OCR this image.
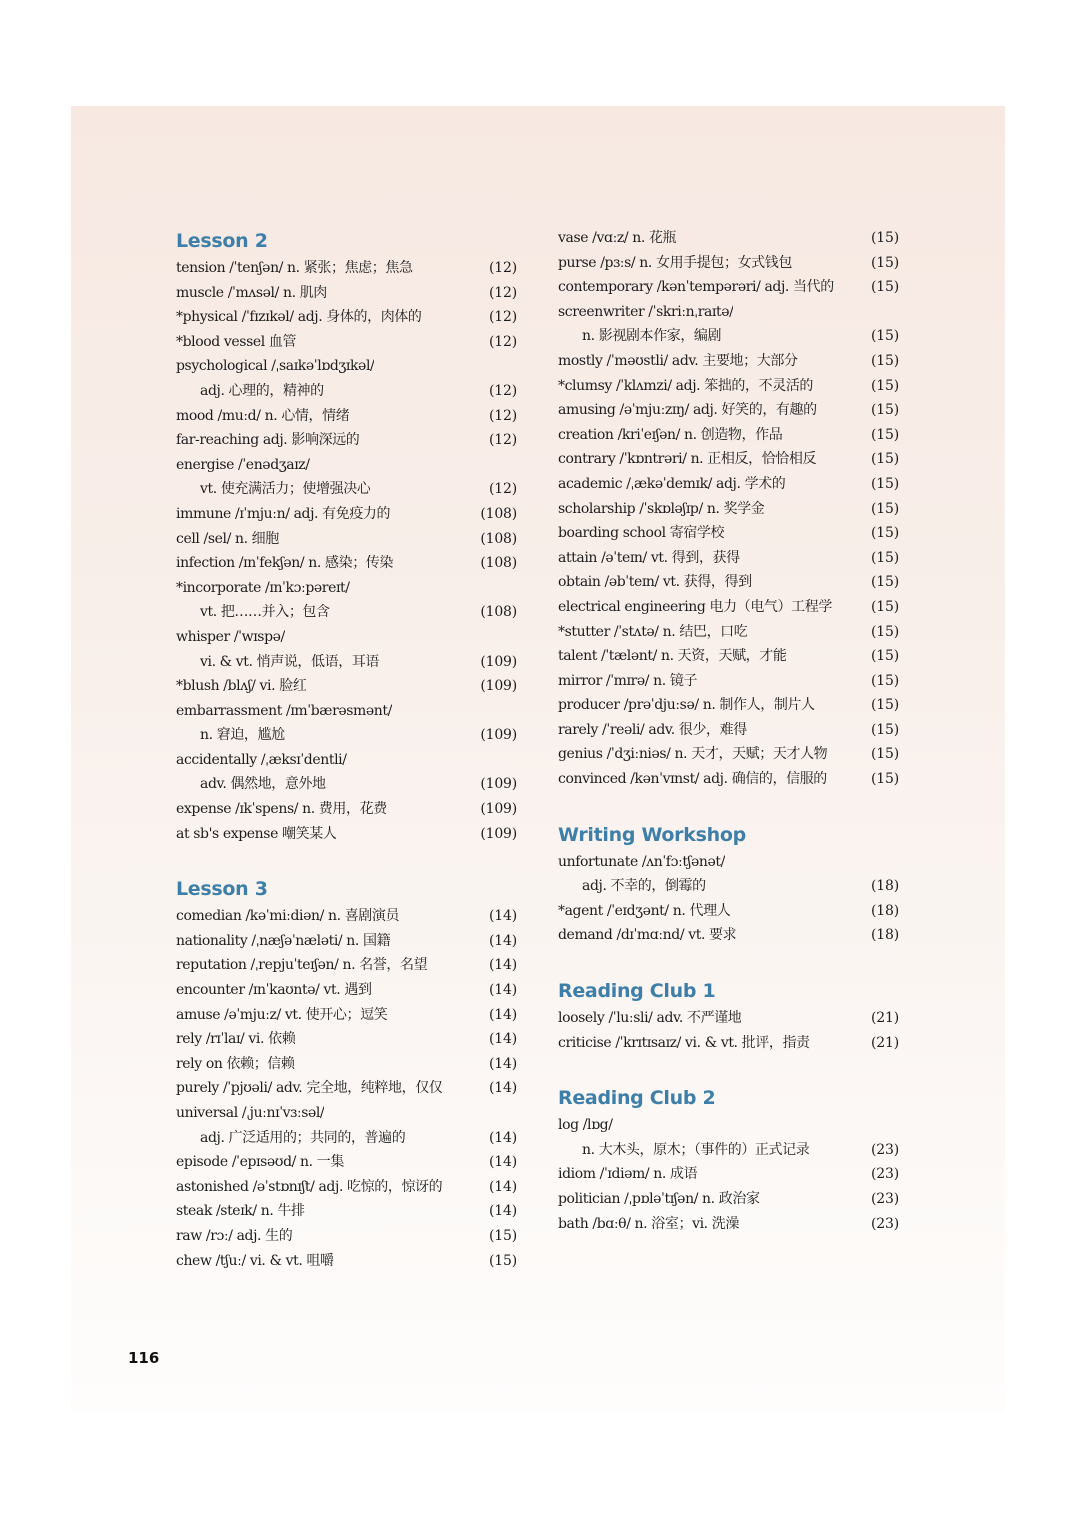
Lesson 2
tension /ˈtenʃən/ n. 紧张；焦虑；焦急	(12)
muscle /ˈmʌsəl/ n. 肌肉	(12)
*physical /ˈfɪzɪkəl/ adj. 身体的，肉体的	(12)
*blood vessel 血管	(12)
psychological /ˌsaɪkəˈlɒdʒɪkəl/
adj. 心理的，精神的	(12)
mood /muːd/ n. 心情，情绪	(12)
far-reaching adj. 影响深远的	(12)
energise /ˈenədʒaɪz/
vt. 使充满活力；使增强决心	(12)
immune /ɪˈmjuːn/ adj. 有免疫力的	(108)
cell /sel/ n. 细胞	(108)
infection /ɪnˈfekʃən/ n. 感染；传染	(108)
*incorporate /ɪnˈkɔːpəreɪt/
vt. 把……并入；包含	(108)
whisper /ˈwɪspə/
vi. & vt. 悄声说，低语，耳语	(109)
*blush /blʌʃ/ vi. 脸红	(109)
embarrassment /ɪmˈbærəsmənt/
n. 窘迫，尴尬	(109)
accidentally /ˌæksɪˈdentli/
adv. 偶然地，意外地	(109)
expense /ɪkˈspens/ n. 费用，花费	(109)
at sb's expense 嘲笑某人	(109)
Lesson 3
comedian /kəˈmiːdiən/ n. 喜剧演员	(14)
nationality /ˌnæʃəˈnæləti/ n. 国籍	(14)
reputation /ˌrepjuˈteɪʃən/ n. 名誉，名望	(14)
encounter /ɪnˈkaʊntə/ vt. 遇到	(14)
amuse /əˈmjuːz/ vt. 使开心；逗笑	(14)
rely /rɪˈlaɪ/ vi. 依赖	(14)
rely on 依赖；信赖	(14)
purely /ˈpjʊəli/ adv. 完全地，纯粹地，仅仅	(14)
universal /ˌjuːnɪˈvɜːsəl/
adj. 广泛适用的；共同的，普遍的	(14)
episode /ˈepɪsəʊd/ n. 一集	(14)
astonished /əˈstɒnɪʃt/ adj. 吃惊的，惊讶的	(14)
steak /steɪk/ n. 牛排	(14)
raw /rɔː/ adj. 生的	(15)
chew /tʃuː/ vi. & vt. 咀嚼	(15)
vase /vɑːz/ n. 花瓶	(15)
purse /pɜːs/ n. 女用手提包；女式钱包	(15)
contemporary /kənˈtempərəri/ adj. 当代的	(15)
screenwriter /ˈskriːnˌraɪtə/
n. 影视剧本作家，编剧	(15)
mostly /ˈməʊstli/ adv. 主要地；大部分	(15)
*clumsy /ˈklʌmzi/ adj. 笨拙的，不灵活的	(15)
amusing /əˈmjuːzɪŋ/ adj. 好笑的，有趣的	(15)
creation /kriˈeɪʃən/ n. 创造物，作品	(15)
contrary /ˈkɒntrəri/ n. 正相反，恰恰相反	(15)
academic /ˌækəˈdemɪk/ adj. 学术的	(15)
scholarship /ˈskɒləʃɪp/ n. 奖学金	(15)
boarding school 寄宿学校	(15)
attain /əˈteɪn/ vt. 得到，获得	(15)
obtain /əbˈteɪn/ vt. 获得，得到	(15)
electrical engineering 电力（电气）工程学	(15)
*stutter /ˈstʌtə/ n. 结巴，口吃	(15)
talent /ˈtælənt/ n. 天资，天赋，才能	(15)
mirror /ˈmɪrə/ n. 镜子	(15)
producer /prəˈdjuːsə/ n. 制作人，制片人	(15)
rarely /ˈreəli/ adv. 很少，难得	(15)
genius /ˈdʒiːniəs/ n. 天才，天赋；天才人物	(15)
convinced /kənˈvɪnst/ adj. 确信的，信服的	(15)
Writing Workshop
unfortunate /ʌnˈfɔːtʃənət/
adj. 不幸的，倒霉的	(18)
*agent /ˈeɪdʒənt/ n. 代理人	(18)
demand /dɪˈmɑːnd/ vt. 要求	(18)
Reading Club 1
loosely /ˈluːsli/ adv. 不严谨地	(21)
criticise /ˈkrɪtɪsaɪz/ vi. & vt. 批评，指责	(21)
Reading Club 2
log /lɒg/
n. 大木头，原木；（事件的）正式记录	(23)
idiom /ˈɪdiəm/ n. 成语	(23)
politician /ˌpɒləˈtɪʃən/ n. 政治家	(23)
bath /bɑːθ/ n. 浴室；vi. 洗澡	(23)
116
